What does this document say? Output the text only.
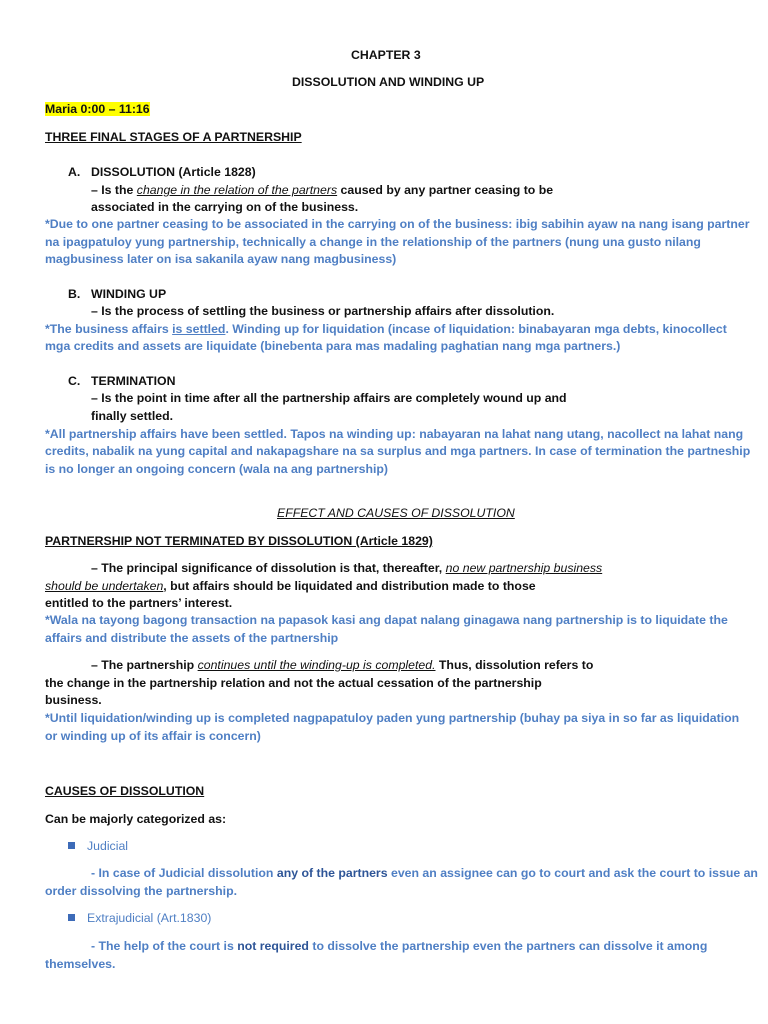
CHAPTER 3
DISSOLUTION AND WINDING UP
Maria 0:00 – 11:16
THREE FINAL STAGES OF A PARTNERSHIP
A. DISSOLUTION (Article 1828)
– Is the change in the relation of the partners caused by any partner ceasing to be
associated in the carrying on of the business.
*Due to one partner ceasing to be associated in the carrying on of the business: ibig sabihin ayaw na nang isang partner
na ipagpatuloy yung partnership, technically a change in the relationship of the partners (nung una gusto nilang
magbusiness later on isa sakanila ayaw nang magbusiness)
B. WINDING UP
– Is the process of settling the business or partnership affairs after dissolution.
*The business affairs is settled. Winding up for liquidation (incase of liquidation: binabayaran mga debts, kinocollect
mga credits and assets are liquidate (binebenta para mas madaling paghatian nang mga partners.)
C. TERMINATION
– Is the point in time after all the partnership affairs are completely wound up and
finally settled.
*All partnership affairs have been settled. Tapos na winding up: nabayaran na lahat nang utang, nacollect na lahat nang
credits, nabalik na yung capital and nakapagshare na sa surplus and mga partners. In case of termination the partneship
is no longer an ongoing concern (wala na ang partnership)
EFFECT AND CAUSES OF DISSOLUTION
PARTNERSHIP NOT TERMINATED BY DISSOLUTION (Article 1829)
– The principal significance of dissolution is that, thereafter, no new partnership business
should be undertaken, but affairs should be liquidated and distribution made to those
entitled to the partners’ interest.
*Wala na tayong bagong transaction na papasok kasi ang dapat nalang ginagawa nang partnership is to liquidate the
affairs and distribute the assets of the partnership
– The partnership continues until the winding-up is completed. Thus, dissolution refers to
the change in the partnership relation and not the actual cessation of the partnership
business.
*Until liquidation/winding up is completed nagpapatuloy paden yung partnership (buhay pa siya in so far as liquidation
or winding up of its affair is concern)
CAUSES OF DISSOLUTION
Can be majorly categorized as:
Judicial
- In case of Judicial dissolution any of the partners even an assignee can go to court and ask the court to issue an
order dissolving the partnership.
Extrajudicial (Art.1830)
- The help of the court is not required to dissolve the partnership even the partners can dissolve it among
themselves.
